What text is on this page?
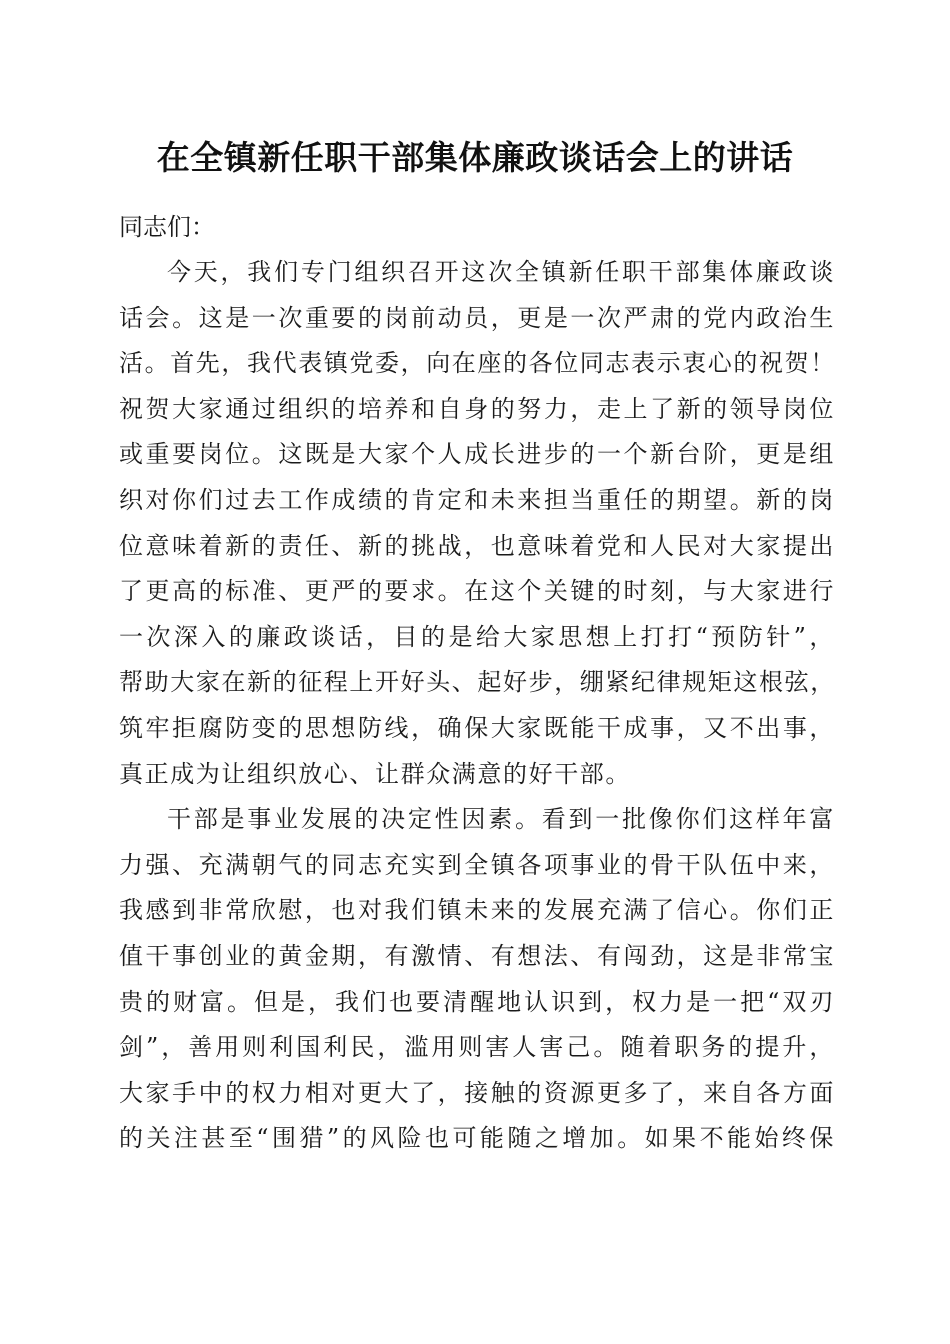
在全镇新任职干部集体廉政谈话会上的讲话

同志们：

今天，我们专门组织召开这次全镇新任职干部集体廉政谈
话会。这是一次重要的岗前动员，更是一次严肃的党内政治生
活。首先，我代表镇党委，向在座的各位同志表示衷心的祝贺！
祝贺大家通过组织的培养和自身的努力，走上了新的领导岗位
或重要岗位。这既是大家个人成长进步的一个新台阶，更是组
织对你们过去工作成绩的肯定和未来担当重任的期望。新的岗
位意味着新的责任、新的挑战，也意味着党和人民对大家提出
了更高的标准、更严的要求。在这个关键的时刻，与大家进行
一次深入的廉政谈话，目的是给大家思想上打打“预防针”，
帮助大家在新的征程上开好头、起好步，绷紧纪律规矩这根弦，
筑牢拒腐防变的思想防线，确保大家既能干成事，又不出事，
真正成为让组织放心、让群众满意的好干部。
干部是事业发展的决定性因素。看到一批像你们这样年富
力强、充满朝气的同志充实到全镇各项事业的骨干队伍中来，
我感到非常欣慰，也对我们镇未来的发展充满了信心。你们正
值干事创业的黄金期，有激情、有想法、有闯劲，这是非常宝
贵的财富。但是，我们也要清醒地认识到，权力是一把“双刃
剑”，善用则利国利民，滥用则害人害己。随着职务的提升，
大家手中的权力相对更大了，接触的资源更多了，来自各方面
的关注甚至“围猎”的风险也可能随之增加。如果不能始终保
